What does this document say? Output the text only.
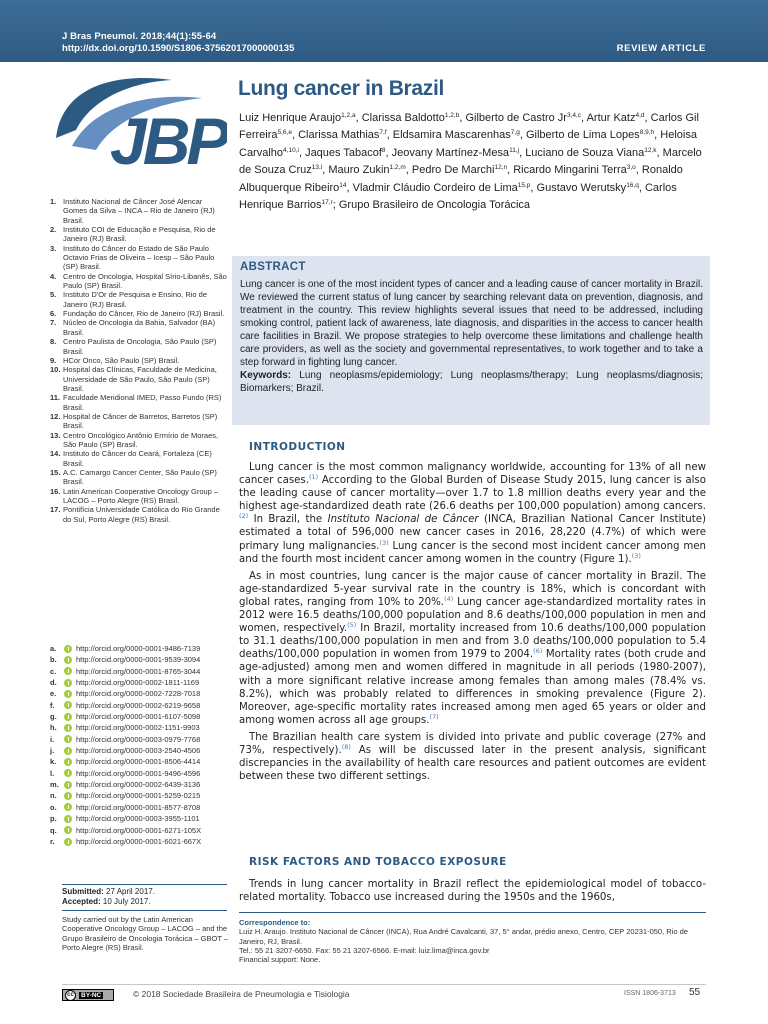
J Bras Pneumol. 2018;44(1):55-64
http://dx.doi.org/10.1590/S1806-37562017000000135	REVIEW ARTICLE
JBP
Lung cancer in Brazil
Luiz Henrique Araujo$^{1,2,a}$, Clarissa Baldotto$^{1,2,b}$, Gilberto de Castro Jr$^{3,4,c}$, Artur Katz$^{4,d}$, Carlos Gil Ferreira$^{5,6,e}$, Clarissa Mathias$^{7,f}$, Eldsamira Mascarenhas$^{7,g}$, Gilberto de Lima Lopes$^{8,9,h}$, Heloisa Carvalho$^{4,10,i}$, Jaques Tabacof$^8$, Jeovany Martínez-Mesa$^{11,j}$, Luciano de Souza Viana$^{12,k}$, Marcelo de Souza Cruz$^{13,l}$, Mauro Zukin$^{1,2,m}$, Pedro De Marchi$^{12,n}$, Ricardo Mingarini Terra$^{3,o}$, Ronaldo Albuquerque Ribeiro$^{14}$, Vladmir Cláudio Cordeiro de Lima$^{15,p}$, Gustavo Werutsky$^{16,q}$, Carlos Henrique Barrios$^{17,r}$; Grupo Brasileiro de Oncologia Torácica
1. Instituto Nacional de Câncer José Alencar Gomes da Silva – INCA – Rio de Janeiro (RJ) Brasil.
2. Instituto COI de Educação e Pesquisa, Rio de Janeiro (RJ) Brasil.
3. Instituto do Câncer do Estado de São Paulo Octavio Frias de Oliveira – Icesp – São Paulo (SP) Brasil.
4. Centro de Oncologia, Hospital Sírio-Libanês, São Paulo (SP) Brasil.
5. Instituto D'Or de Pesquisa e Ensino, Rio de Janeiro (RJ) Brasil.
6. Fundação do Câncer, Rio de Janeiro (RJ) Brasil.
7. Núcleo de Oncologia da Bahia, Salvador (BA) Brasil.
8. Centro Paulista de Oncologia, São Paulo (SP) Brasil.
9. HCor Onco, São Paulo (SP) Brasil.
10. Hospital das Clínicas, Faculdade de Medicina, Universidade de São Paulo, São Paulo (SP) Brasil.
11. Faculdade Meridional IMED, Passo Fundo (RS) Brasil.
12. Hospital de Câncer de Barretos, Barretos (SP) Brasil.
13. Centro Oncológico Antônio Ermírio de Moraes, São Paulo (SP) Brasil.
14. Instituto do Câncer do Ceará, Fortaleza (CE) Brasil.
15. A.C. Camargo Cancer Center, São Paulo (SP) Brasil.
16. Latin American Cooperative Oncology Group – LACOG – Porto Alegre (RS) Brasil.
17. Pontifícia Universidade Católica do Rio Grande do Sul, Porto Alegre (RS) Brasil.
a.	http://orcid.org/0000-0001-9486-7139
b.	http://orcid.org/0000-0001-9539-3094
c.	http://orcid.org/0000-0001-8765-3044
d.	http://orcid.org/0000-0002-1811-1169
e.	http://orcid.org/0000-0002-7228-7018
f.	http://orcid.org/0000-0002-6219-9658
g.	http://orcid.org/0000-0001-6107-5098
h.	http://orcid.org/0000-0002-1151-9903
i.	http://orcid.org/0000-0003-0979-7768
j.	http://orcid.org/0000-0003-2540-4506
k.	http://orcid.org/0000-0001-8506-4414
l.	http://orcid.org/0000-0001-9496-4596
m.	http://orcid.org/0000-0002-6439-3136
n.	http://orcid.org/0000-0001-5259-0215
o.	http://orcid.org/0000-0001-8577-8708
p.	http://orcid.org/0000-0003-3955-1101
q.	http://orcid.org/0000-0001-6271-105X
r.	http://orcid.org/0000-0001-6021-667X
Submitted: 27 April 2017.
Accepted: 10 July 2017.
Study carried out by the Latin American Cooperative Oncology Group – LACOG – and the Grupo Brasileiro de Oncologia Torácica – GBOT – Porto Alegre (RS) Brasil.
ABSTRACT

Lung cancer is one of the most incident types of cancer and a leading cause of cancer mortality in Brazil. We reviewed the current status of lung cancer by searching relevant data on prevention, diagnosis, and treatment in the country. This review highlights several issues that need to be addressed, including smoking control, patient lack of awareness, late diagnosis, and disparities in the access to cancer health care facilities in Brazil. We propose strategies to help overcome these limitations and challenge health care providers, as well as the society and governmental representatives, to work together and to take a step forward in fighting lung cancer.

Keywords: Lung neoplasms/epidemiology; Lung neoplasms/therapy; Lung neoplasms/diagnosis; Biomarkers; Brazil.

INTRODUCTION

Lung cancer is the most common malignancy worldwide, accounting for 13% of all new cancer cases.$^{(1)}$ According to the Global Burden of Disease Study 2015, lung cancer is also the leading cause of cancer mortality—over 1.7 to 1.8 million deaths every year and the highest age-standardized death rate (26.6 deaths per 100,000 population) among cancers.$^{(2)}$ In Brazil, the Instituto Nacional de Câncer (INCA, Brazilian National Cancer Institute) estimated a total of 596,000 new cancer cases in 2016, 28,220 (4.7%) of which were primary lung malignancies.$^{(3)}$ Lung cancer is the second most incident cancer among men and the fourth most incident cancer among women in the country (Figure 1).$^{(3)}$

As in most countries, lung cancer is the major cause of cancer mortality in Brazil. The age-standardized 5-year survival rate in the country is 18%, which is concordant with global rates, ranging from 10% to 20%.$^{(4)}$ Lung cancer age-standardized mortality rates in 2012 were 16.5 deaths/100,000 population and 8.6 deaths/100,000 population in men and women, respectively.$^{(5)}$ In Brazil, mortality increased from 10.6 deaths/100,000 population to 31.1 deaths/100,000 population in men and from 3.0 deaths/100,000 population to 5.4 deaths/100,000 population in women from 1979 to 2004.$^{(6)}$ Mortality rates (both crude and age-adjusted) among men and women differed in magnitude in all periods (1980-2007), with a more significant relative increase among females than among males (78.4% vs. 8.2%), which was probably related to differences in smoking prevalence (Figure 2). Moreover, age-specific mortality rates increased among men aged 65 years or older and among women across all age groups.$^{(7)}$

The Brazilian health care system is divided into private and public coverage (27% and 73%, respectively).$^{(8)}$ As will be discussed later in the present analysis, significant discrepancies in the availability of health care resources and patient outcomes are evident between these two different settings.

RISK FACTORS AND TOBACCO EXPOSURE

Trends in lung cancer mortality in Brazil reflect the epidemiological model of tobacco-related mortality. Tobacco use increased during the 1950s and the 1960s,

Correspondence to:
Luiz H. Araujo. Instituto Nacional de Câncer (INCA), Rua André Cavalcanti, 37, 5° andar, prédio anexo, Centro, CEP 20231-050, Rio de Janeiro, RJ, Brasil.
Tel.: 55 21 3207-6650. Fax: 55 21 3207-6566. E-mail: luiz.lima@inca.gov.br
Financial support: None.
cc	BY-NC	© 2018 Sociedade Brasileira de Pneumologia e Tisiologia	ISSN 1806-3713 55
